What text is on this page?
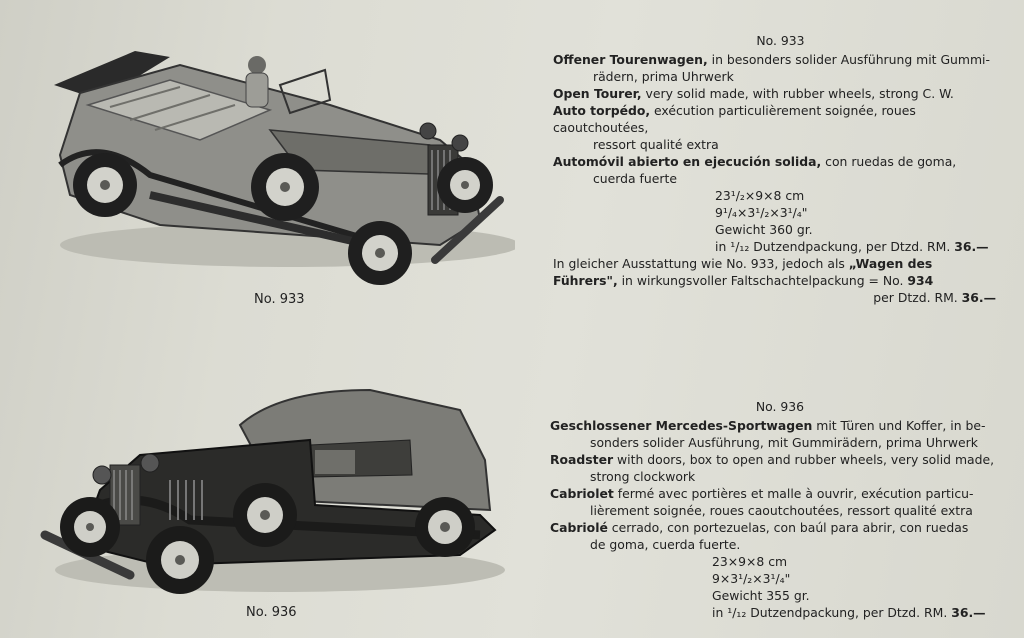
No. 933
No. 936
No. 933

Offener Tourenwagen, in besonders solider Ausführung mit Gummi-

rädern, prima Uhrwerk

Open Tourer, very solid made, with rubber wheels, strong C. W.

Auto torpédo, exécution particulièrement soignée, roues caoutchoutées,

ressort qualité extra

Automóvil abierto en ejecución solida, con ruedas de goma,

cuerda fuerte

23¹/₂×9×8 cm

9¹/₄×3¹/₂×3¹/₄"

Gewicht 360 gr.

in ¹/₁₂ Dutzendpackung, per Dtzd. RM. 36.—

In gleicher Ausstattung wie No. 933, jedoch als „Wagen des

Führers", in wirkungsvoller Faltschachtelpackung = No. 934

per Dtzd. RM. 36.—

No. 936

Geschlossener Mercedes-Sportwagen mit Türen und Koffer, in be-

sonders solider Ausführung, mit Gummirädern, prima Uhrwerk

Roadster with doors, box to open and rubber wheels, very solid made,

strong clockwork

Cabriolet fermé avec portières et malle à ouvrir, exécution particu-

lièrement soignée, roues caoutchoutées, ressort qualité extra

Cabriolé cerrado, con portezuelas, con baúl para abrir, con ruedas

de goma, cuerda fuerte.

23×9×8 cm

9×3¹/₂×3¹/₄"

Gewicht 355 gr.

in ¹/₁₂ Dutzendpackung, per Dtzd. RM. 36.—
